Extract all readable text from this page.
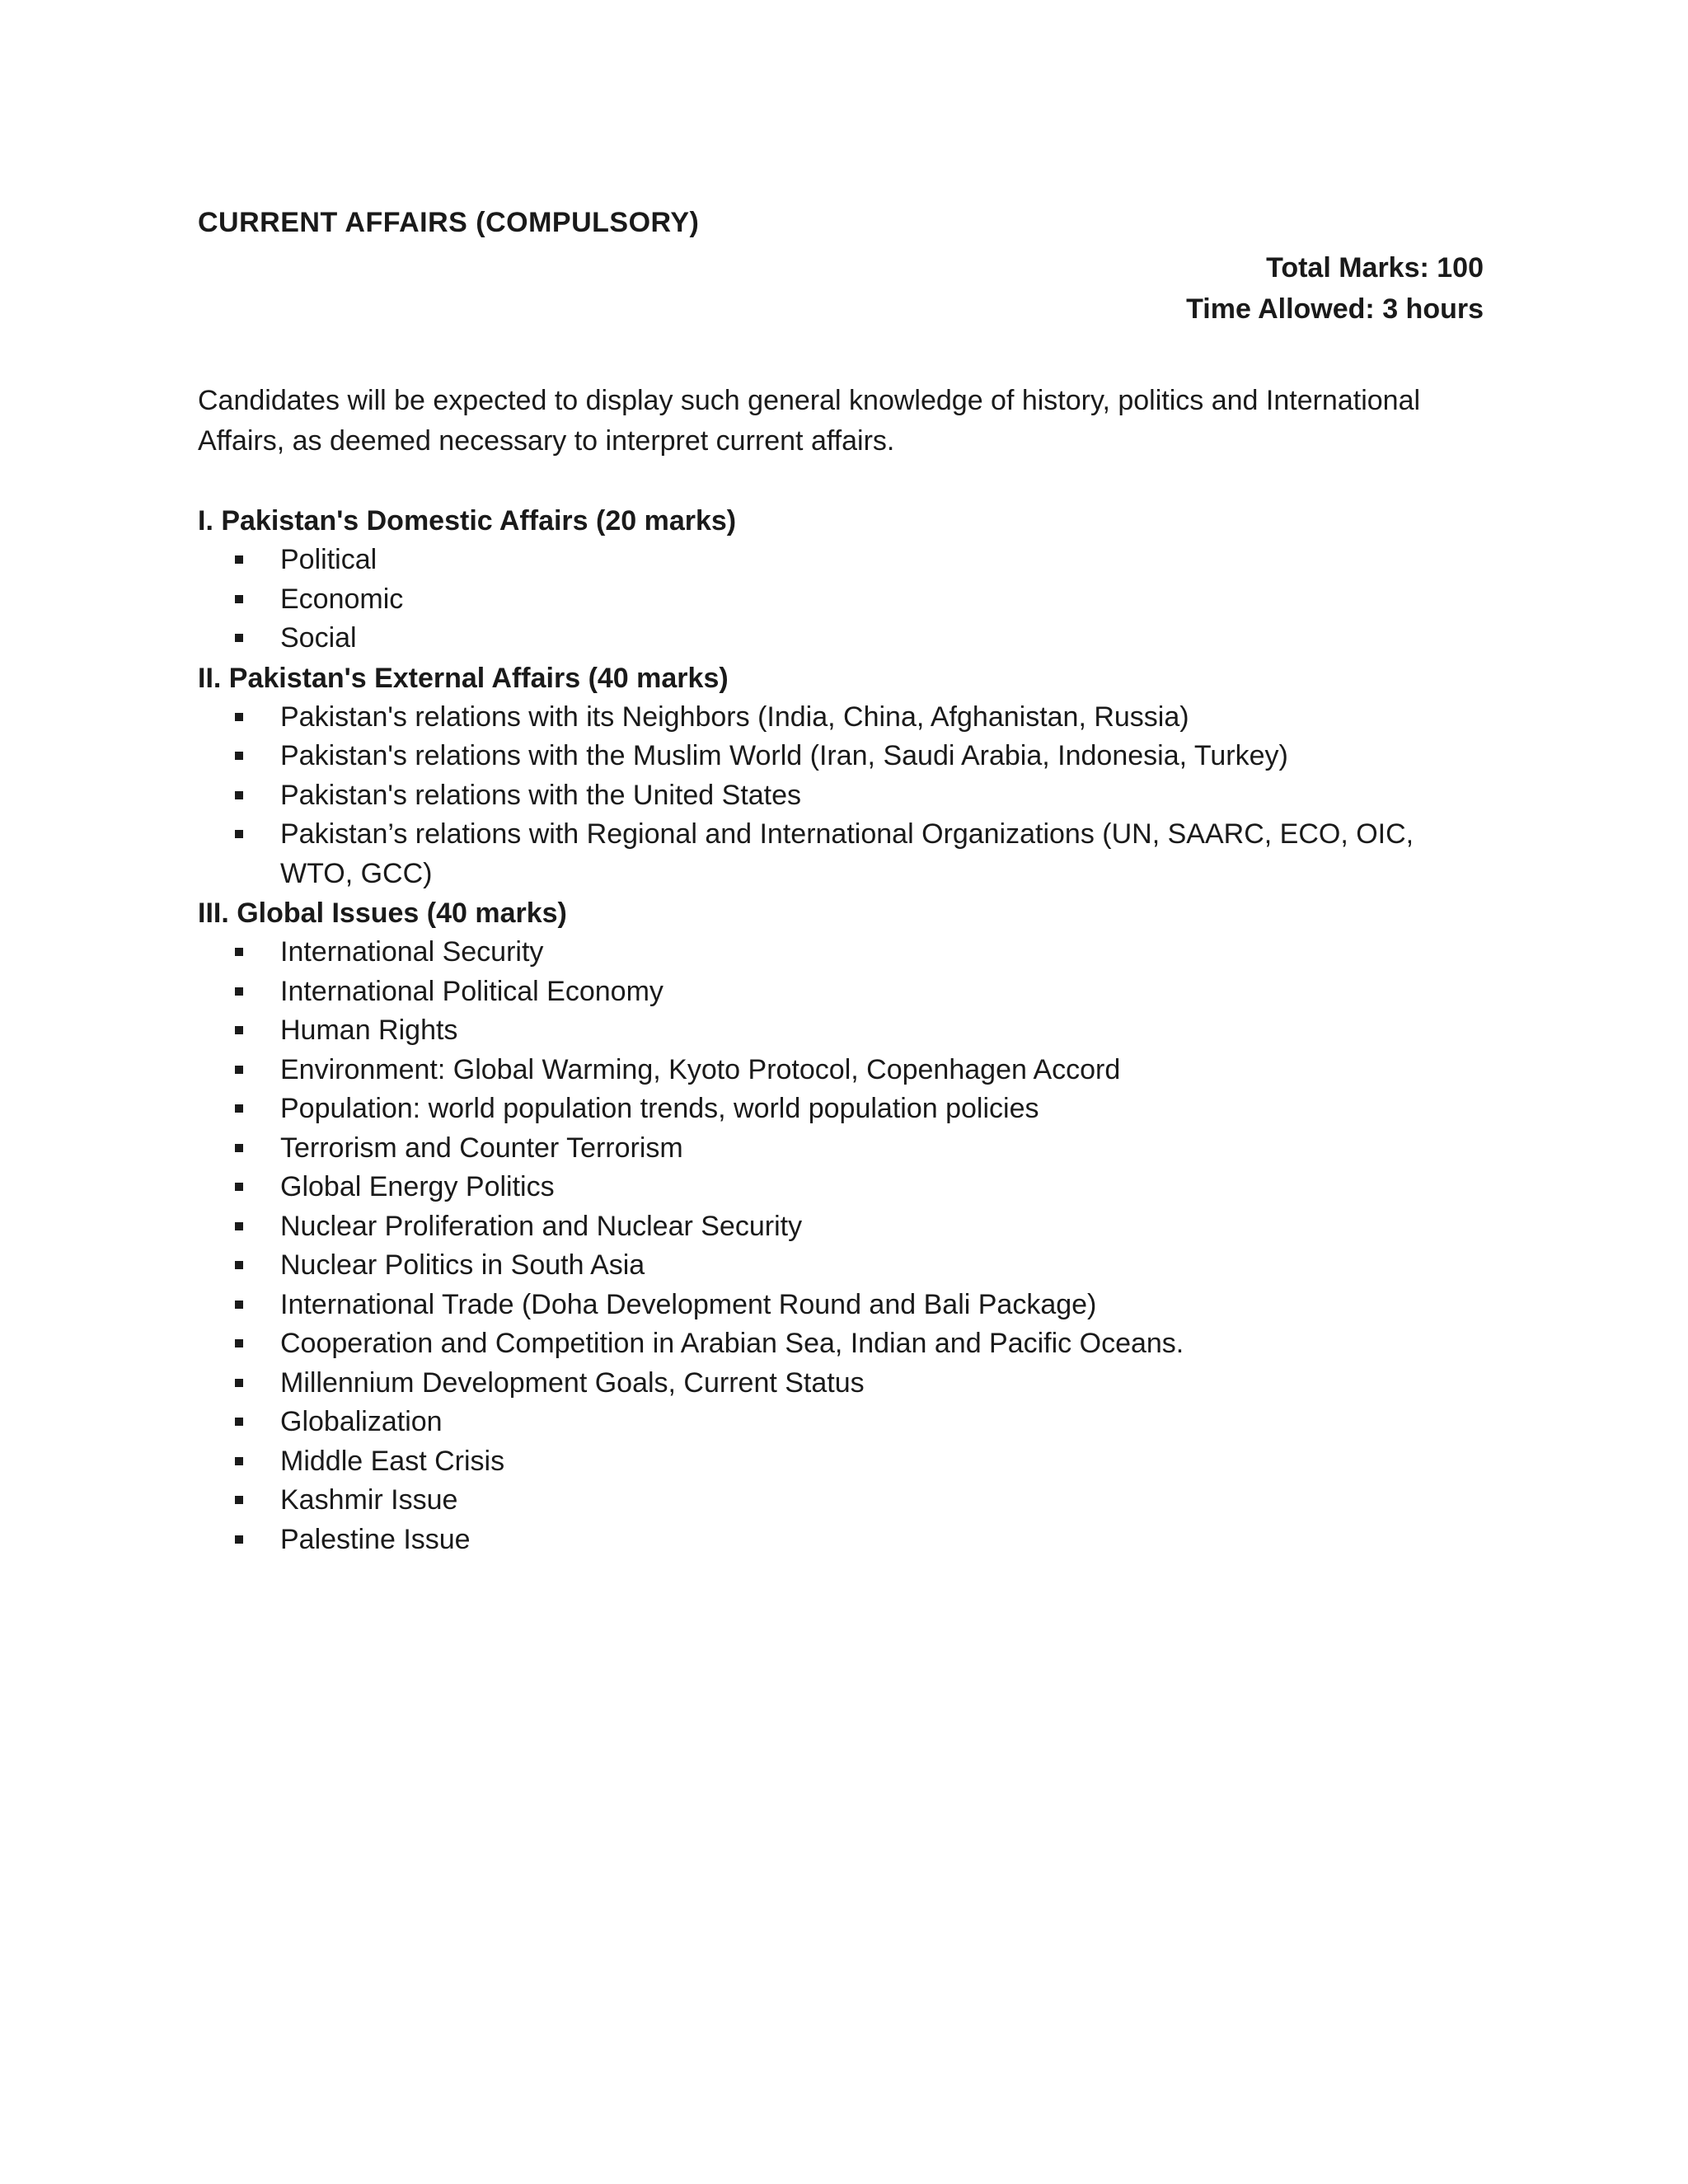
CURRENT AFFAIRS (COMPULSORY)
Total Marks: 100
Time Allowed: 3 hours

Candidates will be expected to display such general knowledge of history, politics and International Affairs, as deemed necessary to interpret current affairs.

I. Pakistan's Domestic Affairs (20 marks)
Political
Economic
Social
II. Pakistan's External Affairs (40 marks)
Pakistan's relations with its Neighbors (India, China, Afghanistan, Russia)
Pakistan's relations with the Muslim World (Iran, Saudi Arabia, Indonesia, Turkey)
Pakistan's relations with the United States
Pakistan’s relations with Regional and International Organizations (UN, SAARC, ECO, OIC, WTO, GCC)
III. Global Issues (40 marks)
International Security
International Political Economy
Human Rights
Environment: Global Warming, Kyoto Protocol, Copenhagen Accord
Population: world population trends, world population policies
Terrorism and Counter Terrorism
Global Energy Politics
Nuclear Proliferation and Nuclear Security
Nuclear Politics in South Asia
International Trade (Doha Development Round and Bali Package)
Cooperation and Competition in Arabian Sea, Indian and Pacific Oceans.
Millennium Development Goals, Current Status
Globalization
Middle East Crisis
Kashmir Issue
Palestine Issue
